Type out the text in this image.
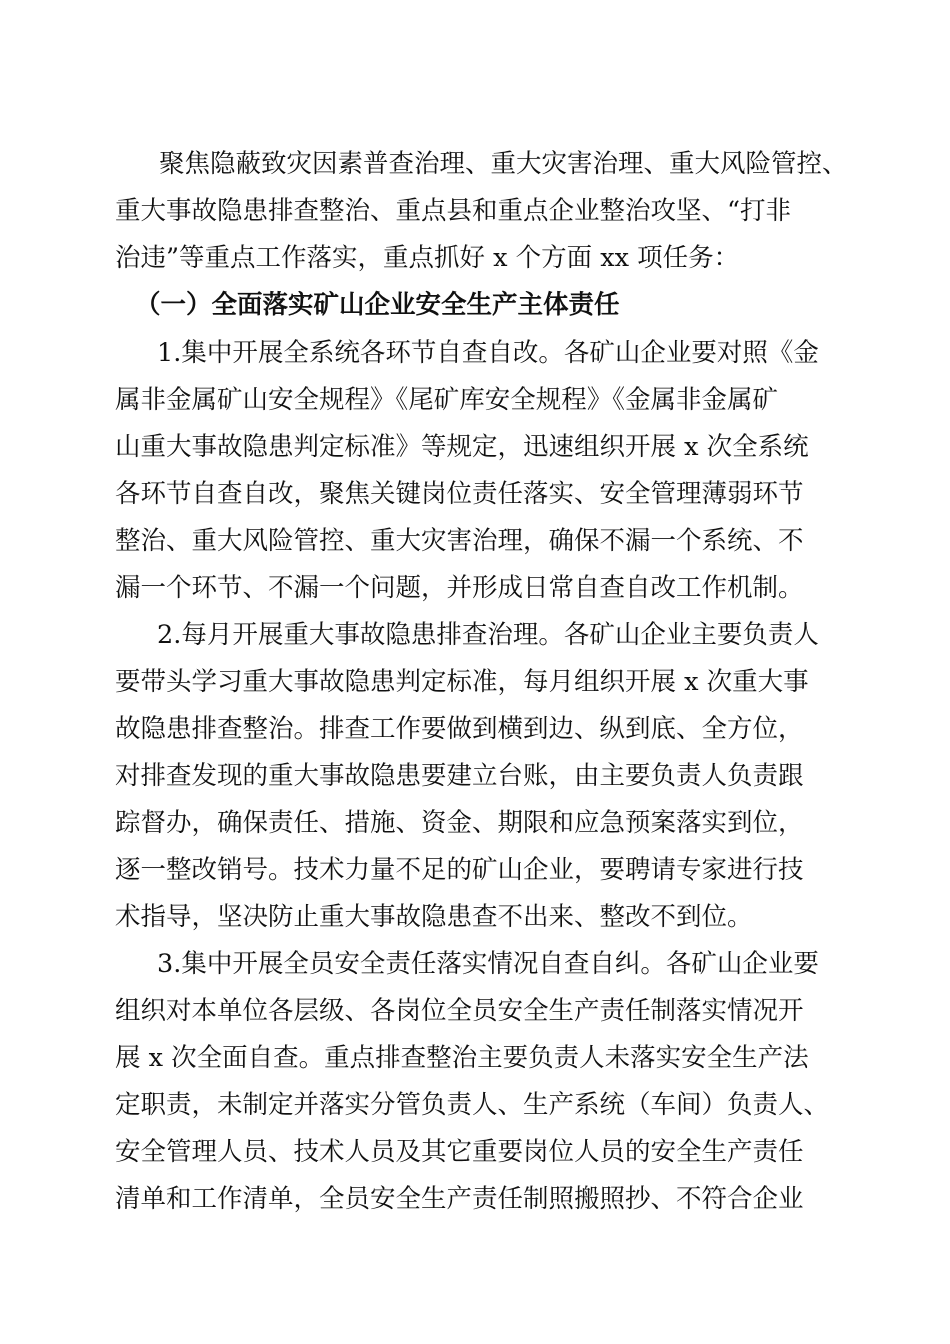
聚焦隐蔽致灾因素普查治理、重大灾害治理、重大风险管控、

重大事故隐患排查整治、重点县和重点企业整治攻坚、“打非

治违”等重点工作落实，重点抓好 x 个方面 xx 项任务：

（一）全面落实矿山企业安全生产主体责任

1.集中开展全系统各环节自查自改。各矿山企业要对照《金

属非金属矿山安全规程》《尾矿库安全规程》《金属非金属矿

山重大事故隐患判定标准》等规定，迅速组织开展 x 次全系统

各环节自查自改，聚焦关键岗位责任落实、安全管理薄弱环节

整治、重大风险管控、重大灾害治理，确保不漏一个系统、不

漏一个环节、不漏一个问题，并形成日常自查自改工作机制。

2.每月开展重大事故隐患排查治理。各矿山企业主要负责人

要带头学习重大事故隐患判定标准，每月组织开展 x 次重大事

故隐患排查整治。排查工作要做到横到边、纵到底、全方位，

对排查发现的重大事故隐患要建立台账，由主要负责人负责跟

踪督办，确保责任、措施、资金、期限和应急预案落实到位，

逐一整改销号。技术力量不足的矿山企业，要聘请专家进行技

术指导，坚决防止重大事故隐患查不出来、整改不到位。

3.集中开展全员安全责任落实情况自查自纠。各矿山企业要

组织对本单位各层级、各岗位全员安全生产责任制落实情况开

展 x 次全面自查。重点排查整治主要负责人未落实安全生产法

定职责，未制定并落实分管负责人、生产系统（车间）负责人、

安全管理人员、技术人员及其它重要岗位人员的安全生产责任

清单和工作清单，全员安全生产责任制照搬照抄、不符合企业
